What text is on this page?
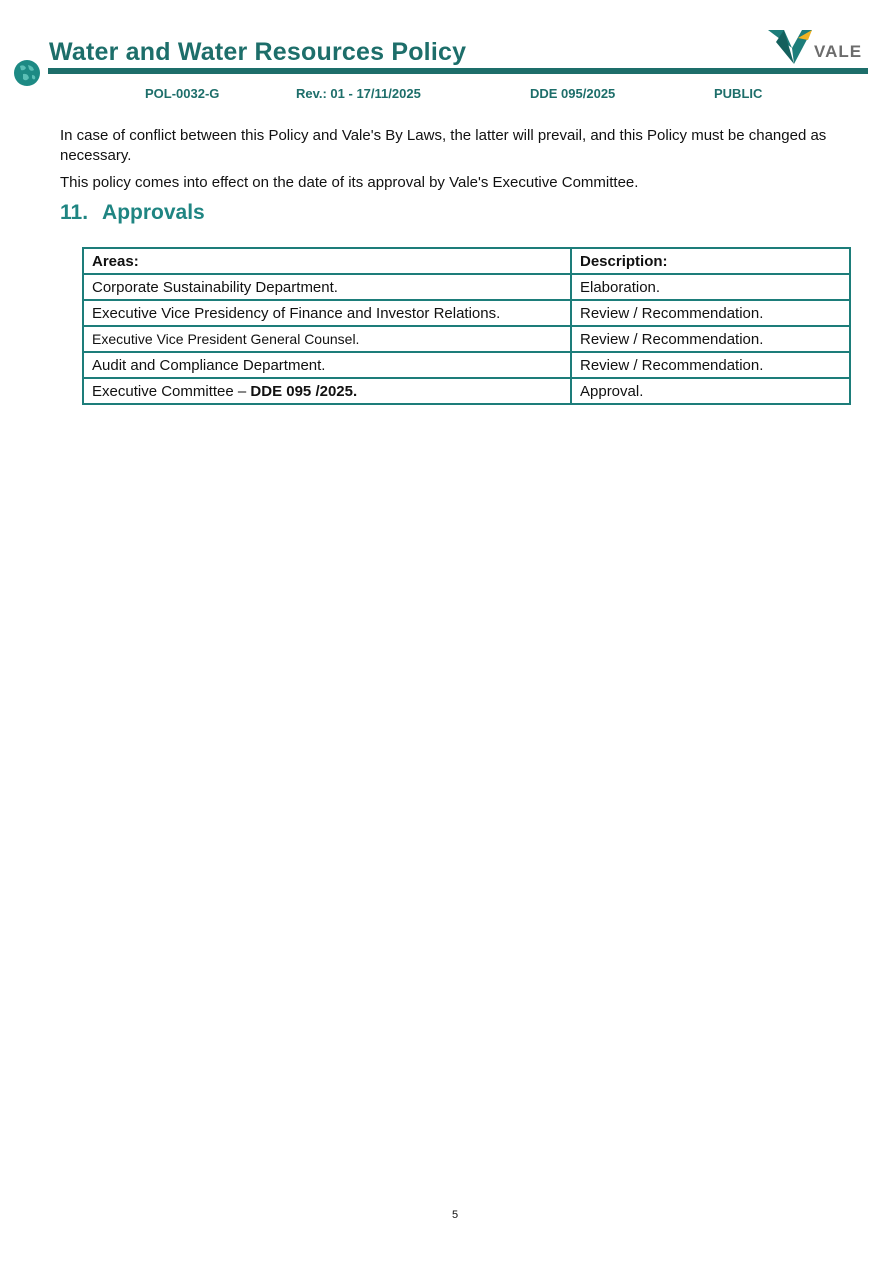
Water and Water Resources Policy	VALE
POL-0032-G	Rev.: 01 - 17/11/2025	DDE 095/2025	PUBLIC

In case of conflict between this Policy and Vale's By Laws, the latter will prevail, and this Policy must be changed as necessary.

This policy comes into effect on the date of its approval by Vale's Executive Committee.

11. Approvals
Areas:	Description:
Corporate Sustainability Department.	Elaboration.
Executive Vice Presidency of Finance and Investor Relations.	Review / Recommendation.
Executive Vice President General Counsel.	Review / Recommendation.
Audit and Compliance Department.	Review / Recommendation.
Executive Committee – DDE 095 /2025.	Approval.
5
